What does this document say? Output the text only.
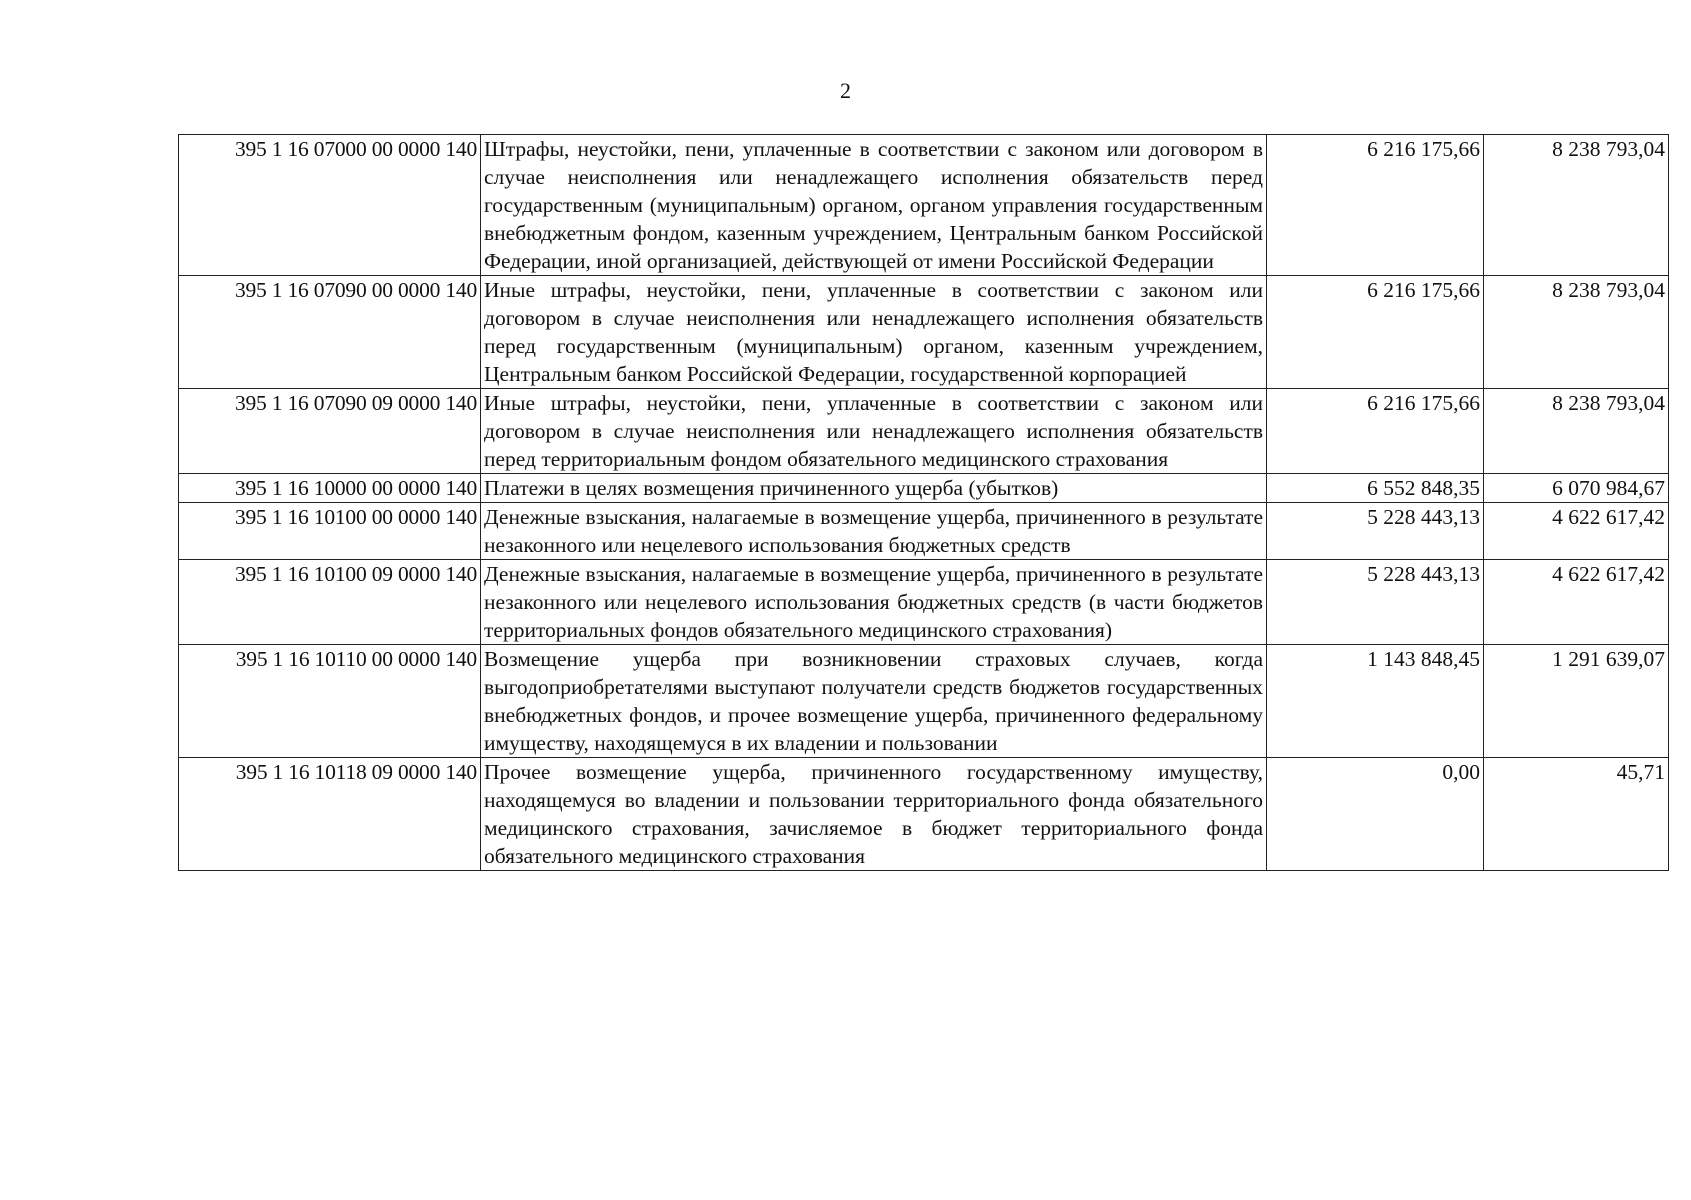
2
395 1 16 07000 00 0000 140	Штрафы, неустойки, пени, уплаченные в соответствии с законом или договором в случае неисполнения или ненадлежащего исполнения обязательств перед государственным (муниципальным) органом, органом управления государственным внебюджетным фондом, казенным учреждением, Центральным банком Российской Федерации, иной организацией, действующей от имени Российской Федерации	6 216 175,66	8 238 793,04
395 1 16 07090 00 0000 140	Иные штрафы, неустойки, пени, уплаченные в соответствии с законом или договором в случае неисполнения или ненадлежащего исполнения обязательств перед государственным (муниципальным) органом, казенным учреждением, Центральным банком Российской Федерации, государственной корпорацией	6 216 175,66	8 238 793,04
395 1 16 07090 09 0000 140	Иные штрафы, неустойки, пени, уплаченные в соответствии с законом или договором в случае неисполнения или ненадлежащего исполнения обязательств перед территориальным фондом обязательного медицинского страхования	6 216 175,66	8 238 793,04
395 1 16 10000 00 0000 140	Платежи в целях возмещения причиненного ущерба (убытков)	6 552 848,35	6 070 984,67
395 1 16 10100 00 0000 140	Денежные взыскания, налагаемые в возмещение ущерба, причиненного в результате незаконного или нецелевого использования бюджетных средств	5 228 443,13	4 622 617,42
395 1 16 10100 09 0000 140	Денежные взыскания, налагаемые в возмещение ущерба, причиненного в результате незаконного или нецелевого использования бюджетных средств (в части бюджетов территориальных фондов обязательного медицинского страхования)	5 228 443,13	4 622 617,42
395 1 16 10110 00 0000 140	Возмещение ущерба при возникновении страховых случаев, когда выгодоприобретателями выступают получатели средств бюджетов государственных внебюджетных фондов, и прочее возмещение ущерба, причиненного федеральному имуществу, находящемуся в их владении и пользовании	1 143 848,45	1 291 639,07
395 1 16 10118 09 0000 140	Прочее возмещение ущерба, причиненного государственному имуществу, находящемуся во владении и пользовании территориального фонда обязательного медицинского страхования, зачисляемое в бюджет территориального фонда обязательного медицинского страхования	0,00	45,71
